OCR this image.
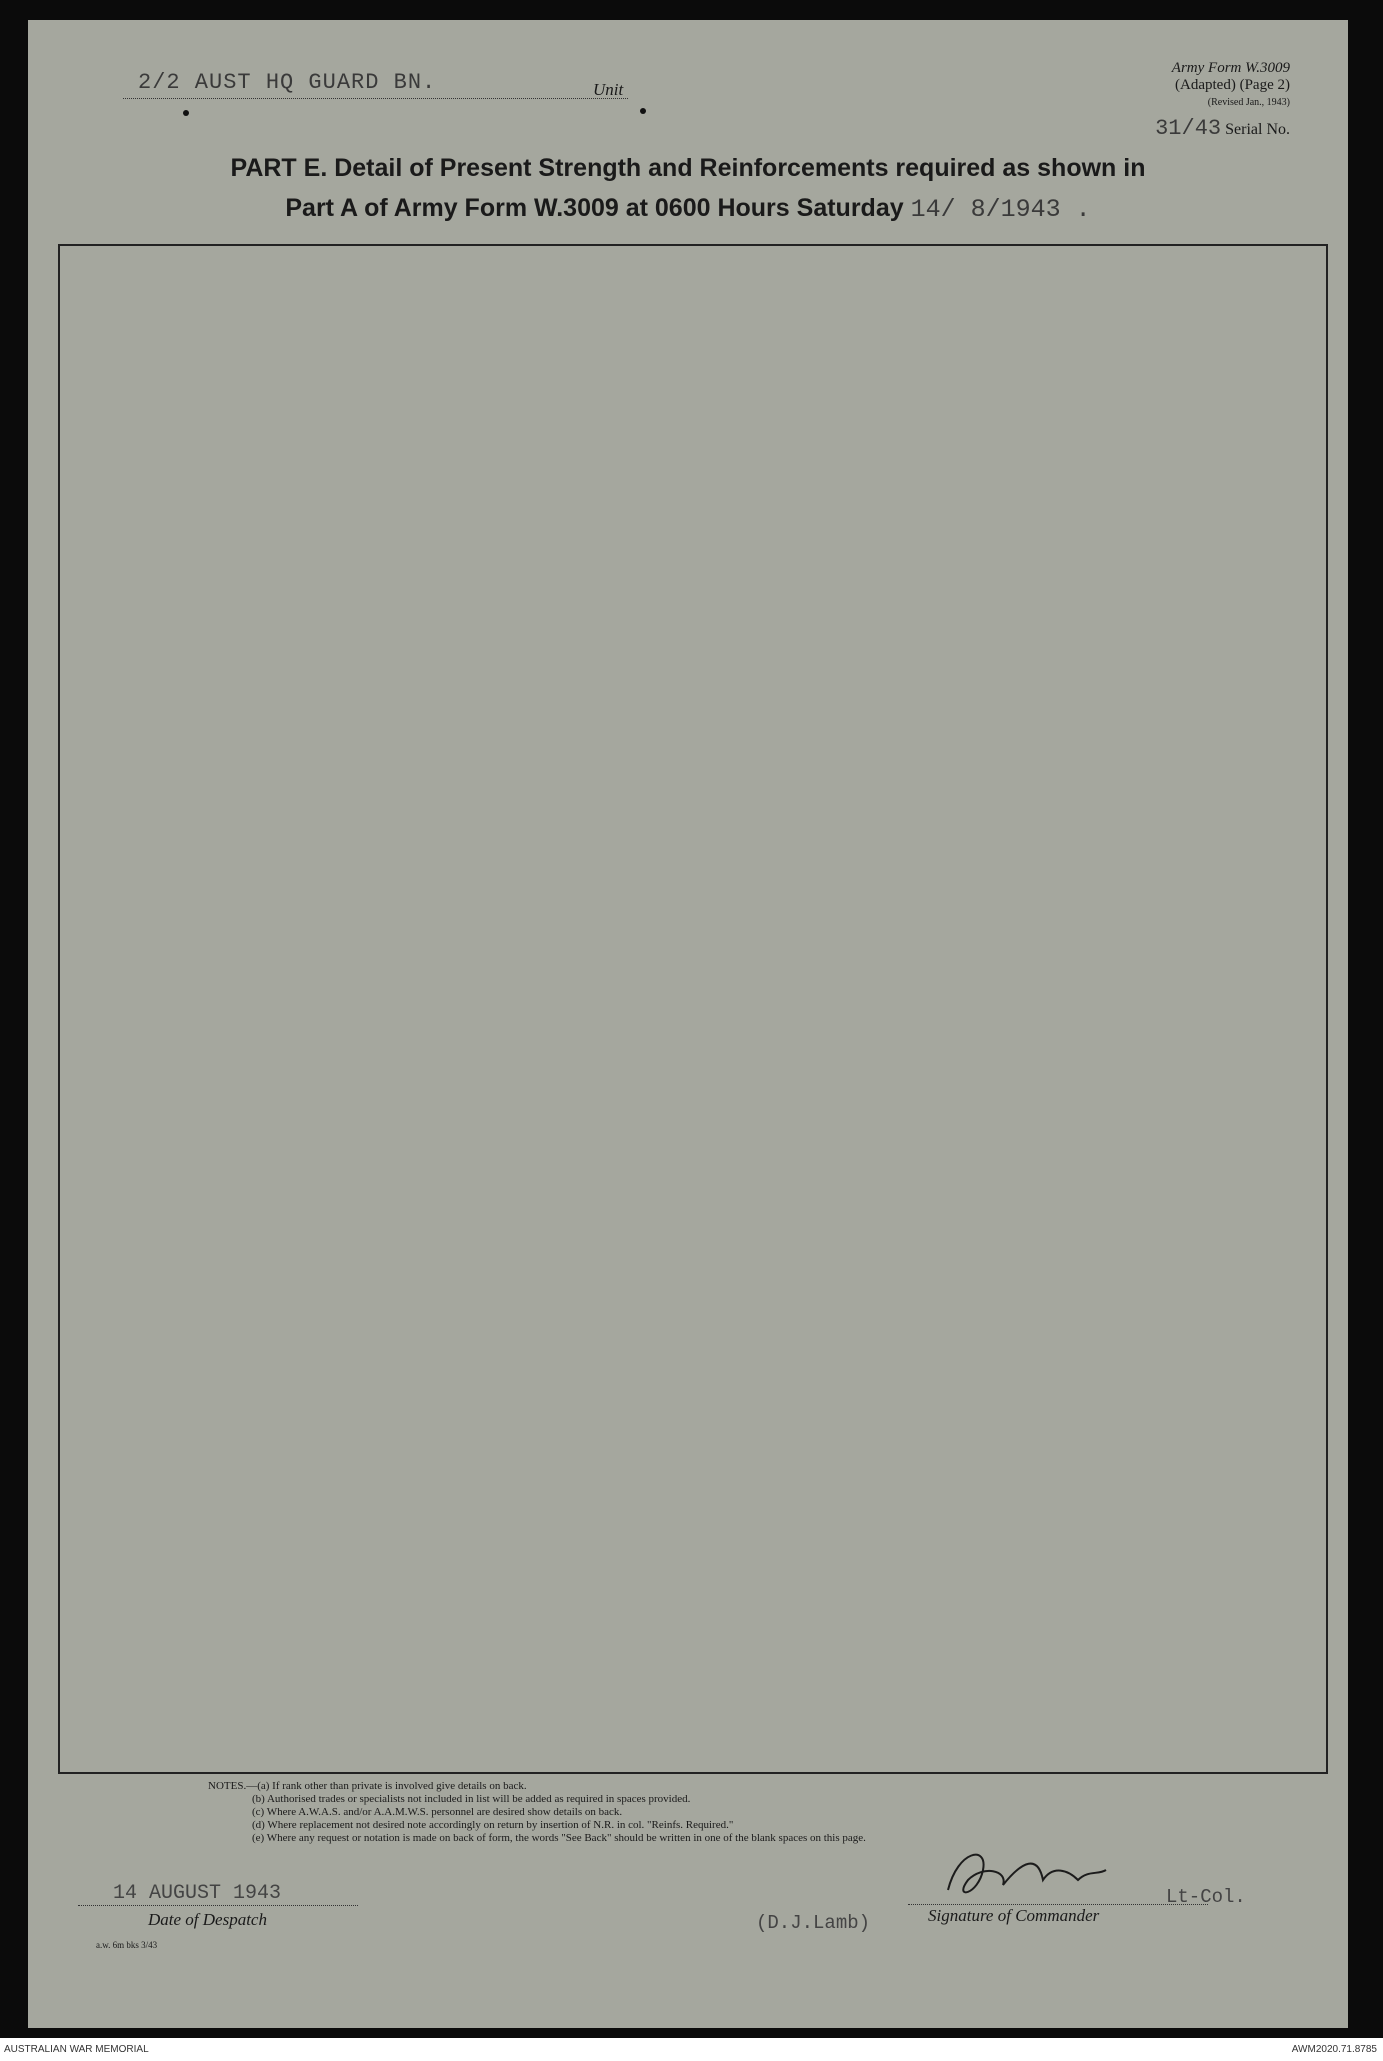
2/2 AUST HQ GUARD BN.	Unit
Army Form W.3009
(Adapted) (Page 2)
(Revised Jan., 1943)
31/43 Serial No.
PART E. Detail of Present Strength and Reinforcements required as shown in
Part A of Army Form W.3009 at 0600 Hours Saturday 14/ 8/1943 .
NOTES.—(a) If rank other than private is involved give details on back.
(b) Authorised trades or specialists not included in list will be added as required in spaces provided.
(c) Where A.W.A.S. and/or A.A.M.W.S. personnel are desired show details on back.
(d) Where replacement not desired note accordingly on return by insertion of N.R. in col. "Reinfs. Required."
(e) Where any request or notation is made on back of form, the words "See Back" should be written in one of the blank spaces on this page.
14 AUGUST 1943
Date of Despatch
a.w. 6m bks 3/43
(D.J.Lamb)
Lt-Col.
Signature of Commander
AUSTRALIAN WAR MEMORIAL	AWM2020.71.8785
